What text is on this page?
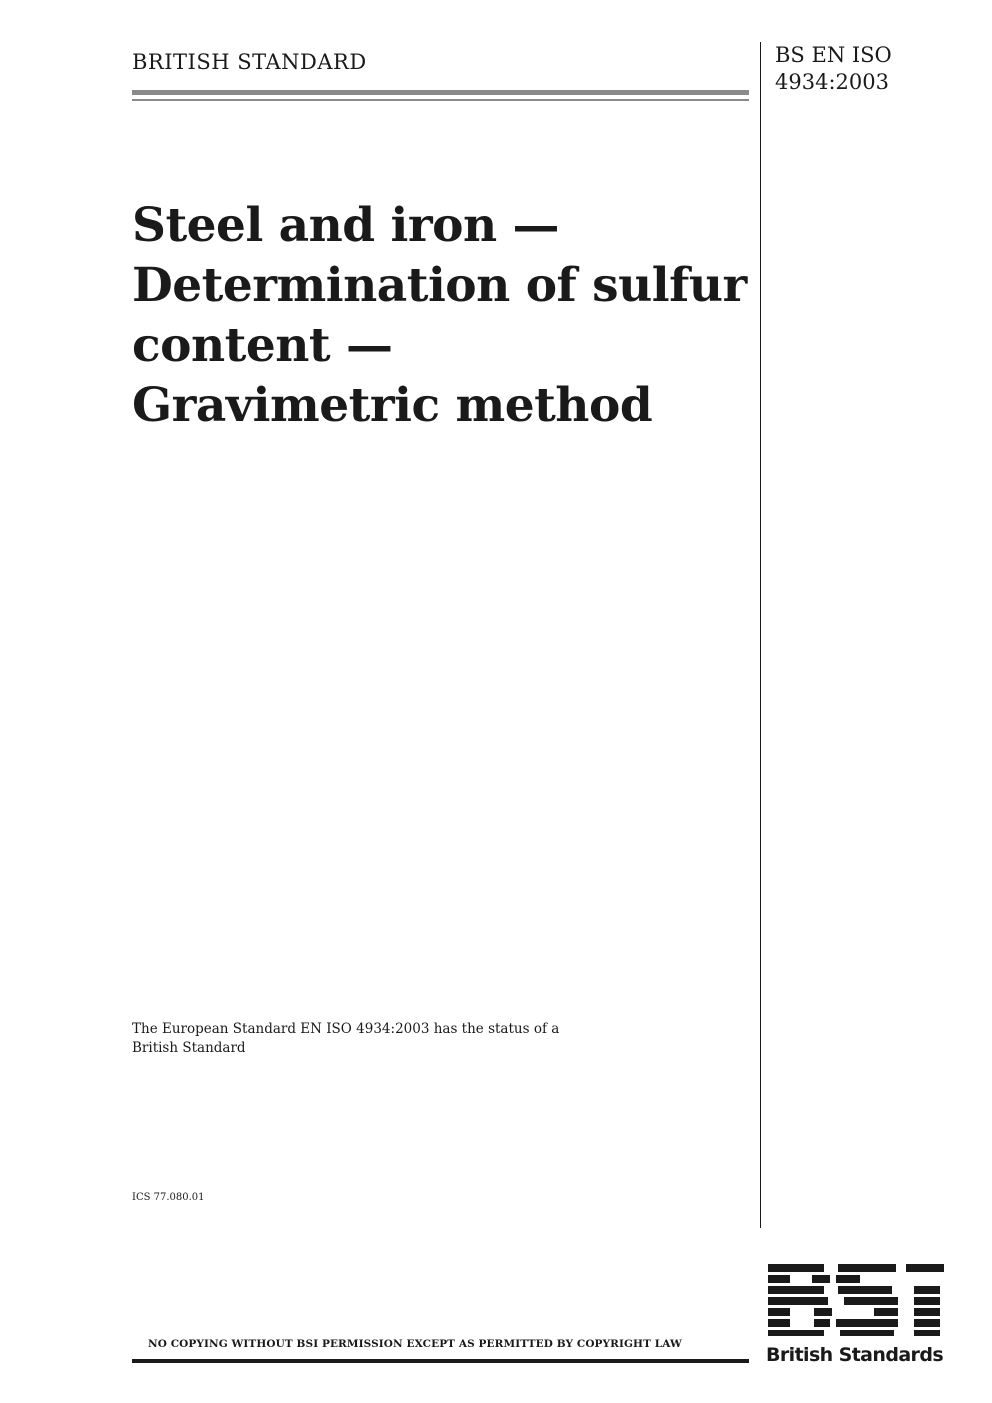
BRITISH STANDARD	BS EN ISO
4934:2003
Steel and iron —
Determination of sulfur
content —
Gravimetric method
The European Standard EN ISO 4934:2003 has the status of a
British Standard
ICS 77.080.01
NO COPYING WITHOUT BSI PERMISSION EXCEPT AS PERMITTED BY COPYRIGHT LAW	British Standards
